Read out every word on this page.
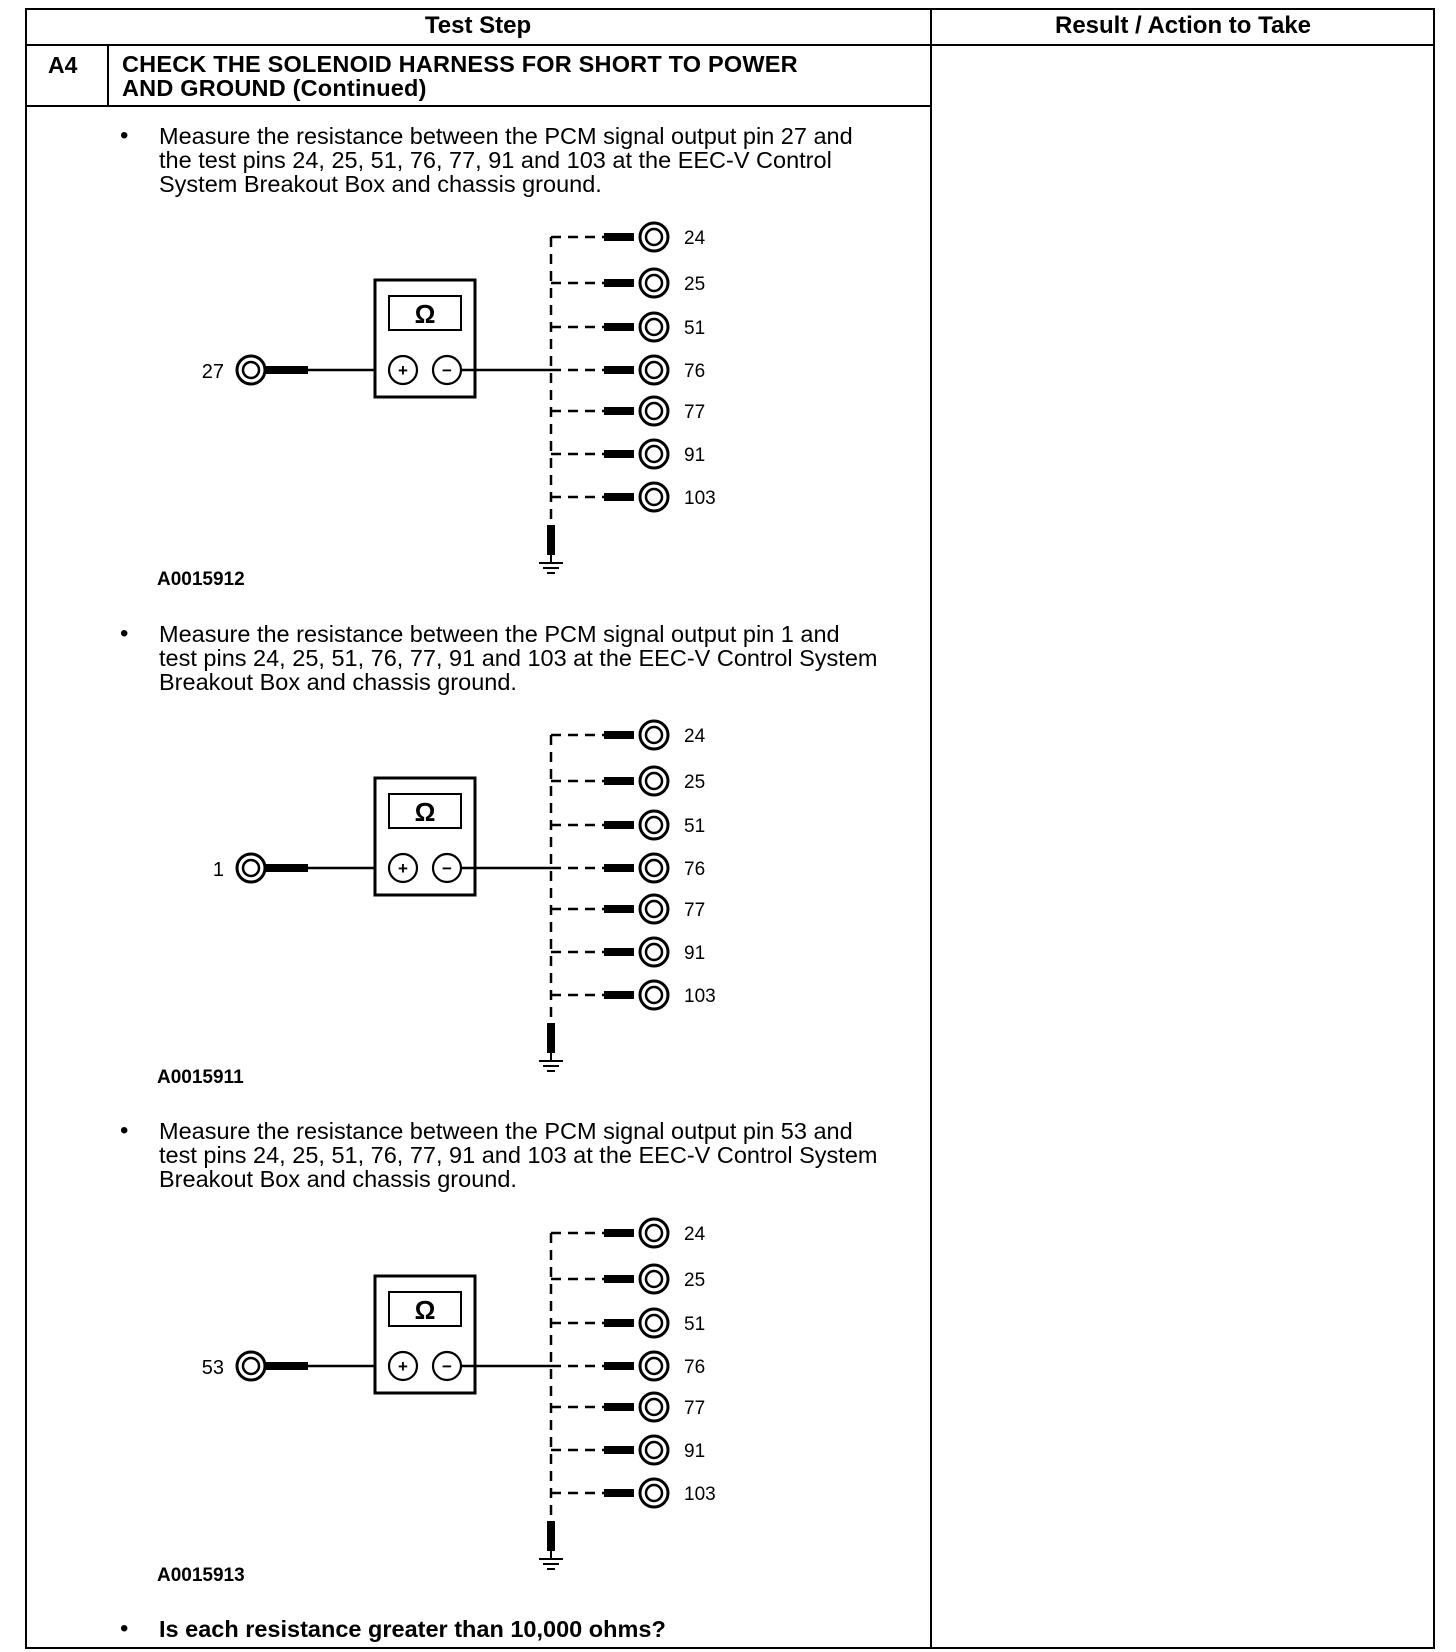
Test Step	Result / Action to Take
A4 CHECK THE SOLENOID HARNESS FOR SHORT TO POWER
AND GROUND (Continued)
• Measure the resistance between the PCM signal output pin 27 and the test pins 24, 25, 51, 76, 77, 91 and 103 at the EEC-V Control System Breakout Box and chassis ground.
27
Ω
+ −
24
25
51
76
77
91
103
A0015912
• Measure the resistance between the PCM signal output pin 1 and test pins 24, 25, 51, 76, 77, 91 and 103 at the EEC-V Control System Breakout Box and chassis ground.
1
Ω
+ −
24
25
51
76
77
91
103
A0015911
• Measure the resistance between the PCM signal output pin 53 and test pins 24, 25, 51, 76, 77, 91 and 103 at the EEC-V Control System Breakout Box and chassis ground.
53
Ω
+ −
24
25
51
76
77
91
103
A0015913
• Is each resistance greater than 10,000 ohms?
